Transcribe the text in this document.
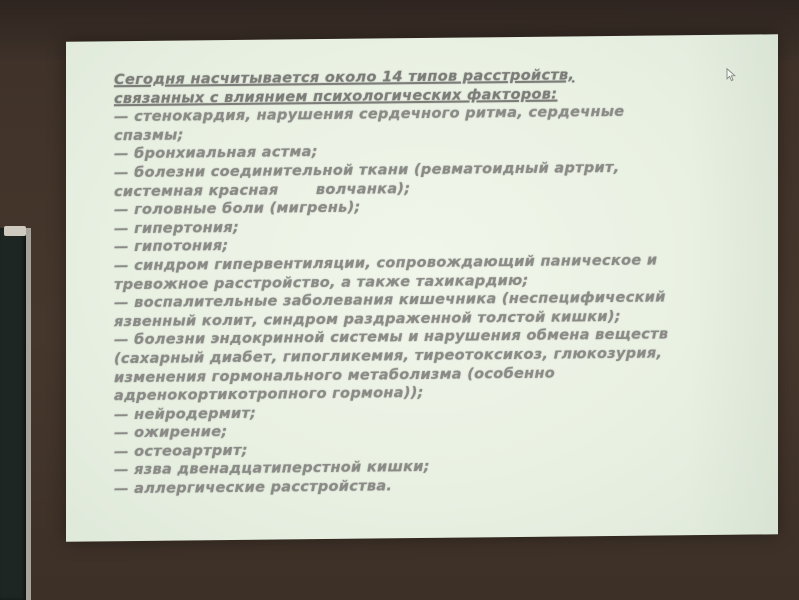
Сегодня насчитывается около 14 типов расстройств,
связанных с влиянием психологических факторов:
— стенокардия, нарушения сердечного ритма, сердечные
спазмы;
— бронхиальная астма;
— болезни соединительной ткани (ревматоидный артрит,
системная красная       волчанка);
— головные боли (мигрень);
— гипертония;
— гипотония;
— синдром гипервентиляции, сопровождающий паническое и
тревожное расстройство, а также тахикардию;
— воспалительные заболевания кишечника (неспецифический
язвенный колит, синдром раздраженной толстой кишки);
— болезни эндокринной системы и нарушения обмена веществ
(сахарный диабет, гипогликемия, тиреотоксикоз, глюкозурия,
изменения гормонального метаболизма (особенно
адренокортикотропного гормона));
— нейродермит;
— ожирение;
— остеоартрит;
— язва двенадцатиперстной кишки;
— аллергические расстройства.
